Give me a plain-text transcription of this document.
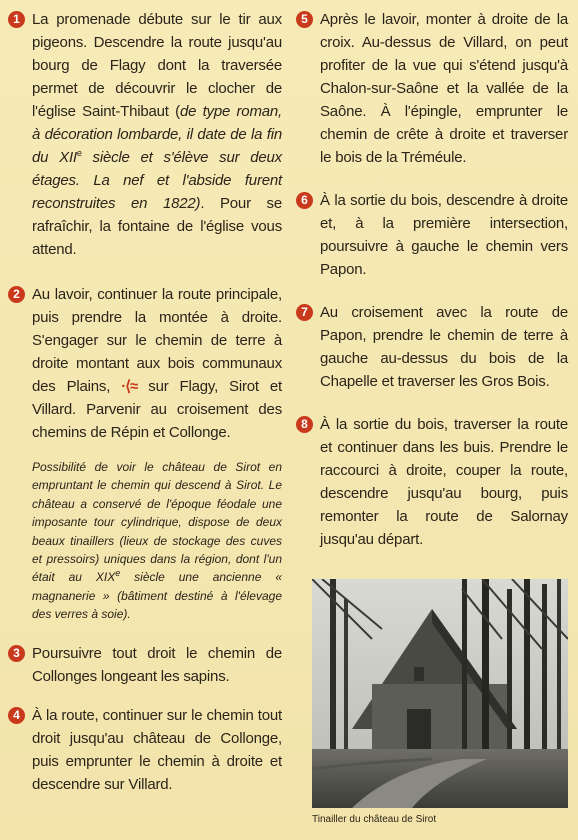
1 La promenade débute sur le tir aux pigeons. Descendre la route jusqu'au bourg de Flagy dont la traversée permet de découvrir le clocher de l'église Saint-Thibaut (de type roman, à décoration lombarde, il date de la fin du XIIe siècle et s'élève sur deux étages. La nef et l'abside furent reconstruites en 1822). Pour se rafraîchir, la fontaine de l'église vous attend.
2 Au lavoir, continuer la route principale, puis prendre la montée à droite. S'engager sur le chemin de terre à droite montant aux bois communaux des Plains, ·⟨≈ sur Flagy, Sirot et Villard. Parvenir au croisement des chemins de Répin et Collonge.
Possibilité de voir le château de Sirot en empruntant le chemin qui descend à Sirot. Le château a conservé de l'époque féodale une imposante tour cylindrique, dispose de deux beaux tinaillers (lieux de stockage des cuves et pressoirs) uniques dans la région, dont l'un était au XIXe siècle une ancienne « magnanerie » (bâtiment destiné à l'élevage des verres à soie).
3 Poursuivre tout droit le chemin de Collonges longeant les sapins.
4 À la route, continuer sur le chemin tout droit jusqu'au château de Collonge, puis emprunter le chemin à droite et descendre sur Villard.
5 Après le lavoir, monter à droite de la croix. Au-dessus de Villard, on peut profiter de la vue qui s'étend jusqu'à Chalon-sur-Saône et la vallée de la Saône. À l'épingle, emprunter le chemin de crête à droite et traverser le bois de la Tréméule.
6 À la sortie du bois, descendre à droite et, à la première intersection, poursuivre à gauche le chemin vers Papon.
7 Au croisement avec la route de Papon, prendre le chemin de terre à gauche au-dessus du bois de la Chapelle et traverser les Gros Bois.
8 À la sortie du bois, traverser la route et continuer dans les buis. Prendre le raccourci à droite, couper la route, descendre jusqu'au bourg, puis remonter la route de Salornay jusqu'au départ.
Tinailler du château de Sirot
